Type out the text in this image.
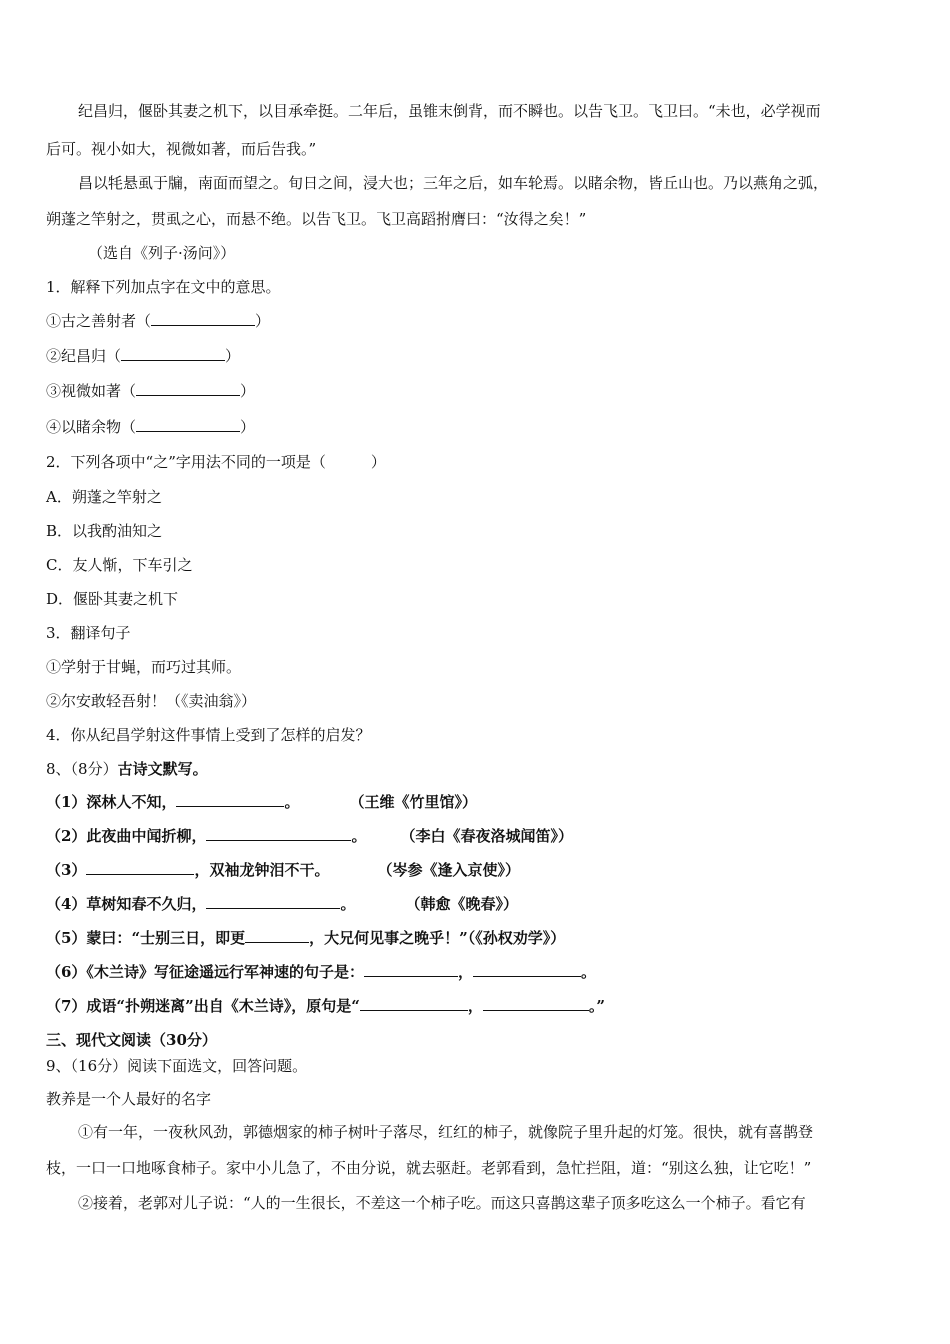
纪昌归，偃卧其妻之机下，以目承牵挺。二年后，虽锥末倒背，而不瞬也。以告飞卫。飞卫曰。“未也，必学视而
后可。视小如大，视微如著，而后告我。”
昌以牦悬虱于牖，南面而望之。旬日之间，浸大也；三年之后，如车轮焉。以睹余物，皆丘山也。乃以燕角之弧，
朔蓬之竿射之，贯虱之心，而悬不绝。以告飞卫。飞卫高蹈拊膺曰：“汝得之矣！”
（选自《列子·汤问》）
1．解释下列加点字在文中的意思。
①古之善射者（	）
②纪昌归（	）
③视微如著（	）
④以睹余物（	）
2．下列各项中“之”字用法不同的一项是（　　　）
A．朔蓬之竿射之
B．以我酌油知之
C．友人惭，下车引之
D．偃卧其妻之机下
3．翻译句子
①学射于甘蝇，而巧过其师。
②尔安敢轻吾射！（《卖油翁》）
4．你从纪昌学射这件事情上受到了怎样的启发？
8、（8分）古诗文默写。
（1）深林人不知，	。	（王维《竹里馆》）
（2）此夜曲中闻折柳，	。 （李白《春夜洛城闻笛》）
（3）	，双袖龙钟泪不干。	（岑参《逢入京使》）
（4）草树知春不久归，	。	（韩愈《晚春》）
（5）蒙曰：“士别三日，即更	，大兄何见事之晚乎！”（《孙权劝学》）
（6）《木兰诗》写征途遥远行军神速的句子是：	，	。
（7）成语“扑朔迷离”出自《木兰诗》，原句是“	，	。”
三、现代文阅读（30分）
9、（16分）阅读下面选文，回答问题。
教养是一个人最好的名字
①有一年，一夜秋风劲，郭德烟家的柿子树叶子落尽，红红的柿子，就像院子里升起的灯笼。很快，就有喜鹊登
枝，一口一口地啄食柿子。家中小儿急了，不由分说，就去驱赶。老郭看到，急忙拦阻，道：“别这么独，让它吃！”
②接着，老郭对儿子说：“人的一生很长，不差这一个柿子吃。而这只喜鹊这辈子顶多吃这么一个柿子。看它有
